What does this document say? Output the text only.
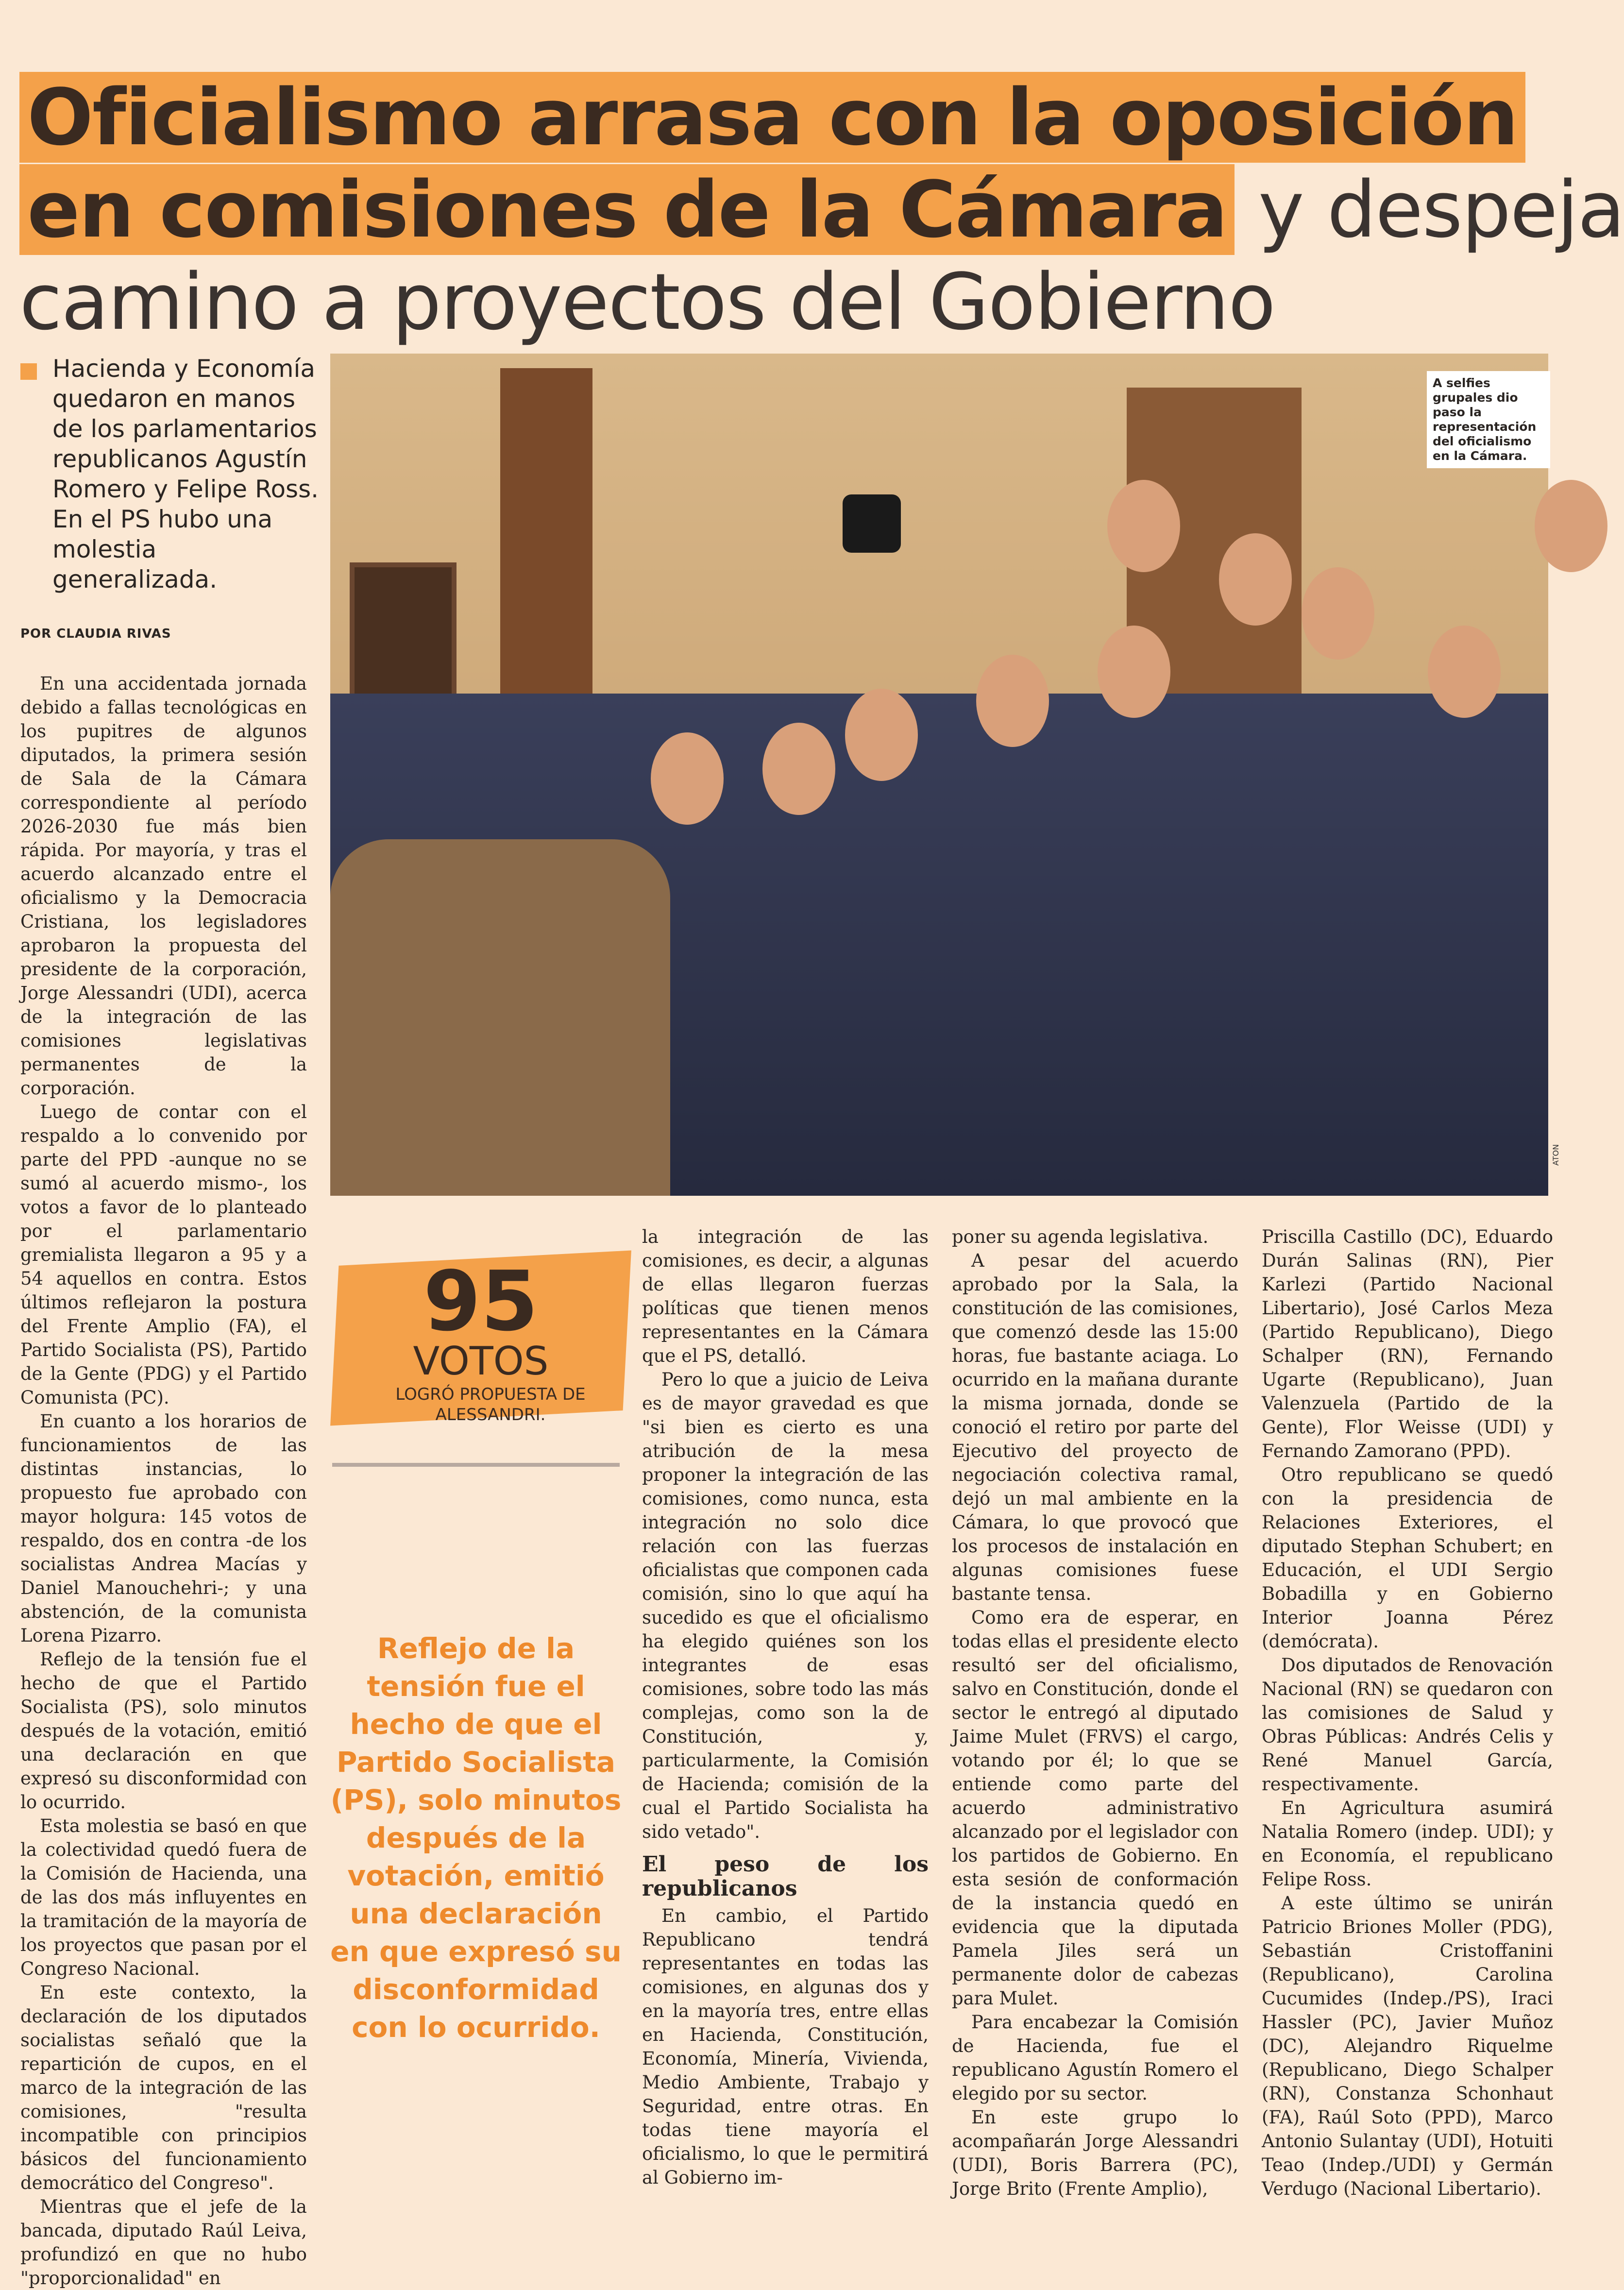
Oficialismo arrasa con la oposición
en comisiones de la Cámara y despeja
camino a proyectos del Gobierno
Hacienda y Economía quedaron en manos de los parlamentarios republicanos Agustín Romero y Felipe Ross. En el PS hubo una molestia generalizada.
POR CLAUDIA RIVAS

En una accidentada jornada debido a fallas tecnológicas en los pupitres de algunos diputados, la primera sesión de Sala de la Cámara correspondiente al período 2026-2030 fue más bien rápida. Por mayoría, y tras el acuerdo alcanzado entre el oficialismo y la Democracia Cristiana, los legisladores aprobaron la propuesta del presidente de la corporación, Jorge Alessandri (UDI), acerca de la integración de las comisiones legislativas permanentes de la corporación.

Luego de contar con el respaldo a lo convenido por parte del PPD -aunque no se sumó al acuerdo mismo-, los votos a favor de lo planteado por el parlamentario gremialista llegaron a 95 y a 54 aquellos en contra. Estos últimos reflejaron la postura del Frente Amplio (FA), el Partido Socialista (PS), Partido de la Gente (PDG) y el Partido Comunista (PC).

En cuanto a los horarios de funcionamientos de las distintas instancias, lo propuesto fue aprobado con mayor holgura: 145 votos de respaldo, dos en contra -de los socialistas Andrea Macías y Daniel Manouchehri-; y una abstención, de la comunista Lorena Pizarro.

Reflejo de la tensión fue el hecho de que el Partido Socialista (PS), solo minutos después de la votación, emitió una declaración en que expresó su disconformidad con lo ocurrido.

Esta molestia se basó en que la colectividad quedó fuera de la Comisión de Hacienda, una de las dos más influyentes en la tramitación de la mayoría de los proyectos que pasan por el Congreso Nacional.

En este contexto, la declaración de los diputados socialistas señaló que la repartición de cupos, en el marco de la integración de las comisiones, "resulta incompatible con principios básicos del funcionamiento democrático del Congreso".

Mientras que el jefe de la bancada, diputado Raúl Leiva, profundizó en que no hubo "proporcionalidad" en

A selfies grupales dio paso la representación del oficialismo en la Cámara.
ATON
95
VOTOS
LOGRÓ PROPUESTA DE ALESSANDRI.
Reflejo de la tensión fue el hecho de que el Partido Socialista (PS), solo minutos después de la votación, emitió una declaración en que expresó su disconformidad con lo ocurrido.

la integración de las comisiones, es decir, a algunas de ellas llegaron fuerzas políticas que tienen menos representantes en la Cámara que el PS, detalló.

Pero lo que a juicio de Leiva es de mayor gravedad es que "si bien es cierto es una atribución de la mesa proponer la integración de las comisiones, como nunca, esta integración no solo dice relación con las fuerzas oficialistas que componen cada comisión, sino lo que aquí ha sucedido es que el oficialismo ha elegido quiénes son los integrantes de esas comisiones, sobre todo las más complejas, como son la de Constitución, y, particularmente, la Comisión de Hacienda; comisión de la cual el Partido Socialista ha sido vetado".

El peso de los republicanos

En cambio, el Partido Republicano tendrá representantes en todas las comisiones, en algunas dos y en la mayoría tres, entre ellas en Hacienda, Constitución, Economía, Minería, Vivienda, Medio Ambiente, Trabajo y Seguridad, entre otras. En todas tiene mayoría el oficialismo, lo que le permitirá al Gobierno im-

poner su agenda legislativa.

A pesar del acuerdo aprobado por la Sala, la constitución de las comisiones, que comenzó desde las 15:00 horas, fue bastante aciaga. Lo ocurrido en la mañana durante la misma jornada, donde se conoció el retiro por parte del Ejecutivo del proyecto de negociación colectiva ramal, dejó un mal ambiente en la Cámara, lo que provocó que los procesos de instalación en algunas comisiones fuese bastante tensa.

Como era de esperar, en todas ellas el presidente electo resultó ser del oficialismo, salvo en Constitución, donde el sector le entregó al diputado Jaime Mulet (FRVS) el cargo, votando por él; lo que se entiende como parte del acuerdo administrativo alcanzado por el legislador con los partidos de Gobierno. En esta sesión de conformación de la instancia quedó en evidencia que la diputada Pamela Jiles será un permanente dolor de cabezas para Mulet.

Para encabezar la Comisión de Hacienda, fue el republicano Agustín Romero el elegido por su sector.

En este grupo lo acompañarán Jorge Alessandri (UDI), Boris Barrera (PC), Jorge Brito (Frente Amplio),

Priscilla Castillo (DC), Eduardo Durán Salinas (RN), Pier Karlezi (Partido Nacional Libertario), José Carlos Meza (Partido Republicano), Diego Schalper (RN), Fernando Ugarte (Republicano), Juan Valenzuela (Partido de la Gente), Flor Weisse (UDI) y Fernando Zamorano (PPD).

Otro republicano se quedó con la presidencia de Relaciones Exteriores, el diputado Stephan Schubert; en Educación, el UDI Sergio Bobadilla y en Gobierno Interior Joanna Pérez (demócrata).

Dos diputados de Renovación Nacional (RN) se quedaron con las comisiones de Salud y Obras Públicas: Andrés Celis y René Manuel García, respectivamente.

En Agricultura asumirá Natalia Romero (indep. UDI); y en Economía, el republicano Felipe Ross.

A este último se unirán Patricio Briones Moller (PDG), Sebastián Cristoffanini (Republicano), Carolina Cucumides (Indep./PS), Iraci Hassler (PC), Javier Muñoz (DC), Alejandro Riquelme (Republicano, Diego Schalper (RN), Constanza Schonhaut (FA), Raúl Soto (PPD), Marco Antonio Sulantay (UDI), Hotuiti Teao (Indep./UDI) y Germán Verdugo (Nacional Libertario).
